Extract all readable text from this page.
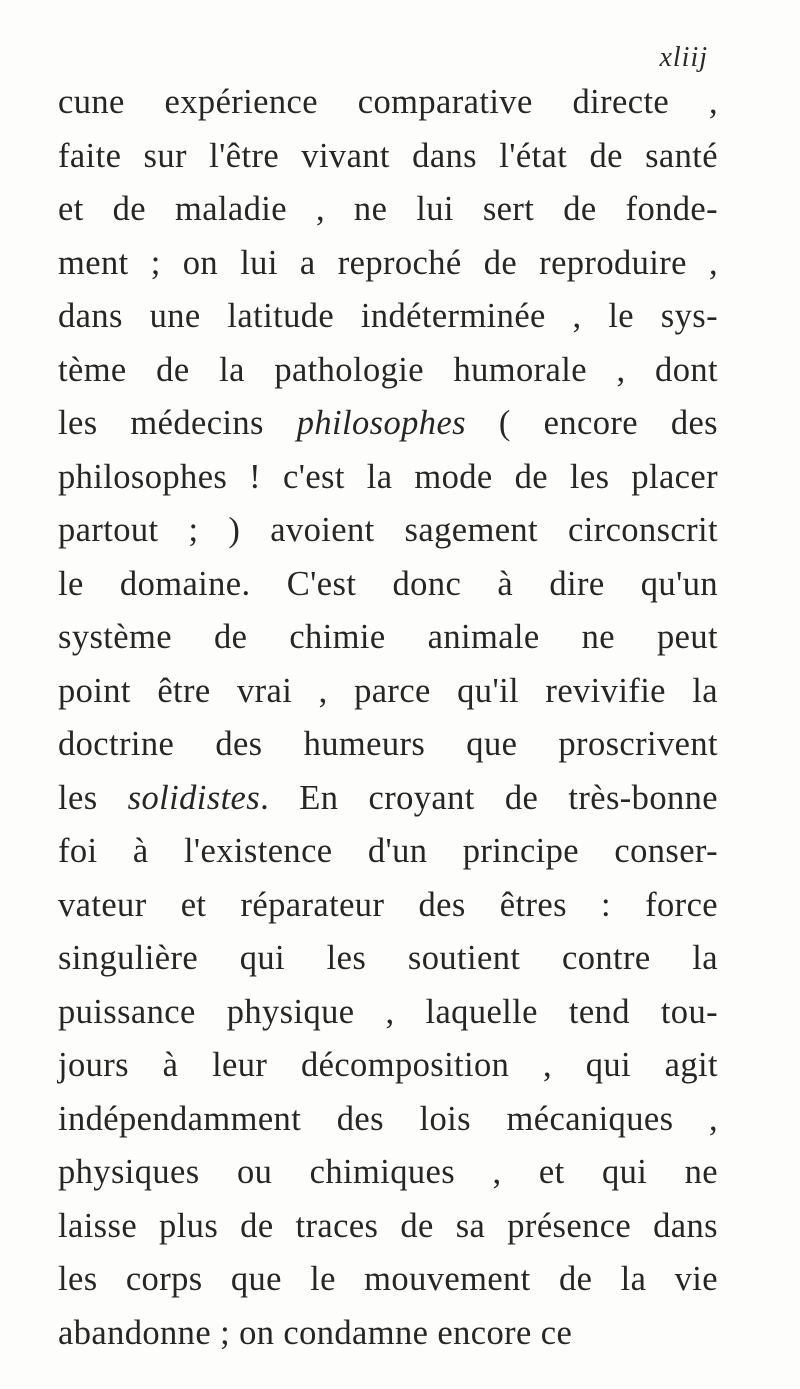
xliij
cune expérience comparative directe ,
faite sur l'être vivant dans l'état de santé
et de maladie , ne lui sert de fonde-
ment ; on lui a reproché de reproduire ,
dans une latitude indéterminée , le sys-
tème de la pathologie humorale , dont
les médecins philosophes ( encore des
philosophes ! c'est la mode de les placer
partout ; ) avoient sagement circonscrit
le domaine. C'est donc à dire qu'un
système de chimie animale ne peut
point être vrai , parce qu'il revivifie la
doctrine des humeurs que proscrivent
les solidistes. En croyant de très-bonne
foi à l'existence d'un principe conser-
vateur et réparateur des êtres : force
singulière qui les soutient contre la
puissance physique , laquelle tend tou-
jours à leur décomposition , qui agit
indépendamment des lois mécaniques ,
physiques ou chimiques , et qui ne
laisse plus de traces de sa présence dans
les corps que le mouvement de la vie
abandonne ; on condamne encore ce
